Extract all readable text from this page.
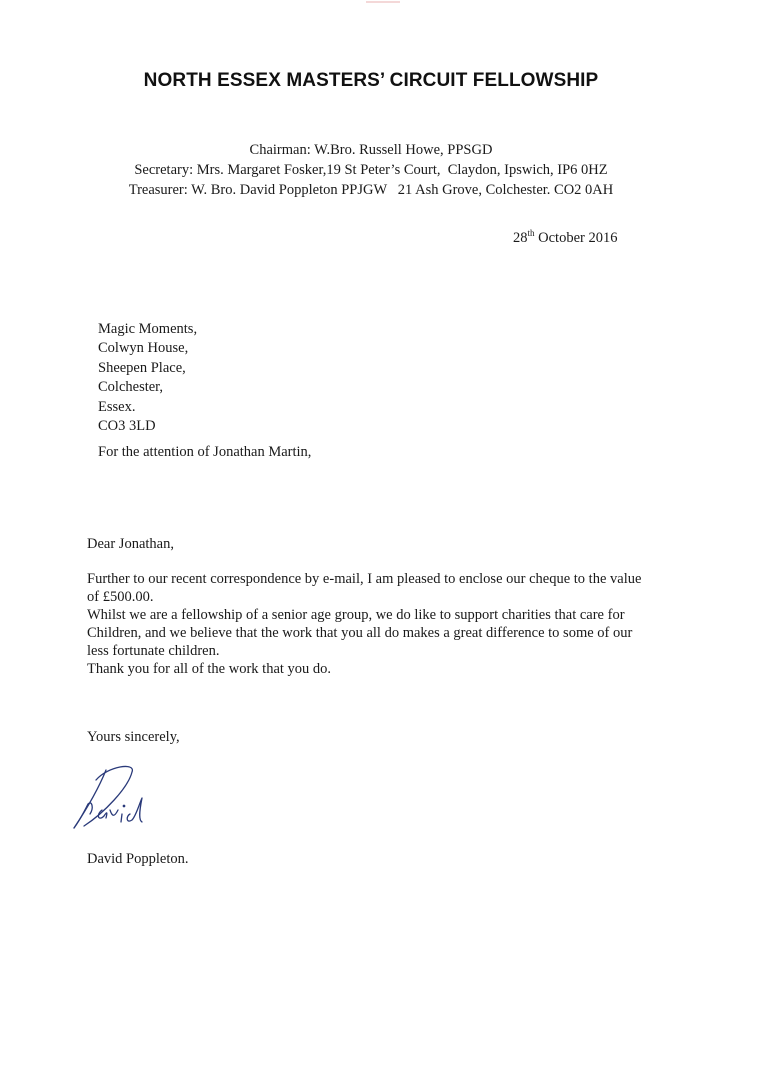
NORTH ESSEX MASTERS’ CIRCUIT FELLOWSHIP
Chairman: W.Bro. Russell Howe, PPSGD
Secretary: Mrs. Margaret Fosker,19 St Peter’s Court,  Claydon, Ipswich, IP6 0HZ
Treasurer: W. Bro. David Poppleton PPJGW   21 Ash Grove, Colchester. CO2 0AH
28th October 2016
Magic Moments,
Colwyn House,
Sheepen Place,
Colchester,
Essex.
CO3 3LD
For the attention of Jonathan Martin,
Dear Jonathan,
Further to our recent correspondence by e-mail, I am pleased to enclose our cheque to the value
of £500.00.
Whilst we are a fellowship of a senior age group, we do like to support charities that care for
Children, and we believe that the work that you all do makes a great difference to some of our
less fortunate children.
Thank you for all of the work that you do.
Yours sincerely,
David Poppleton.
